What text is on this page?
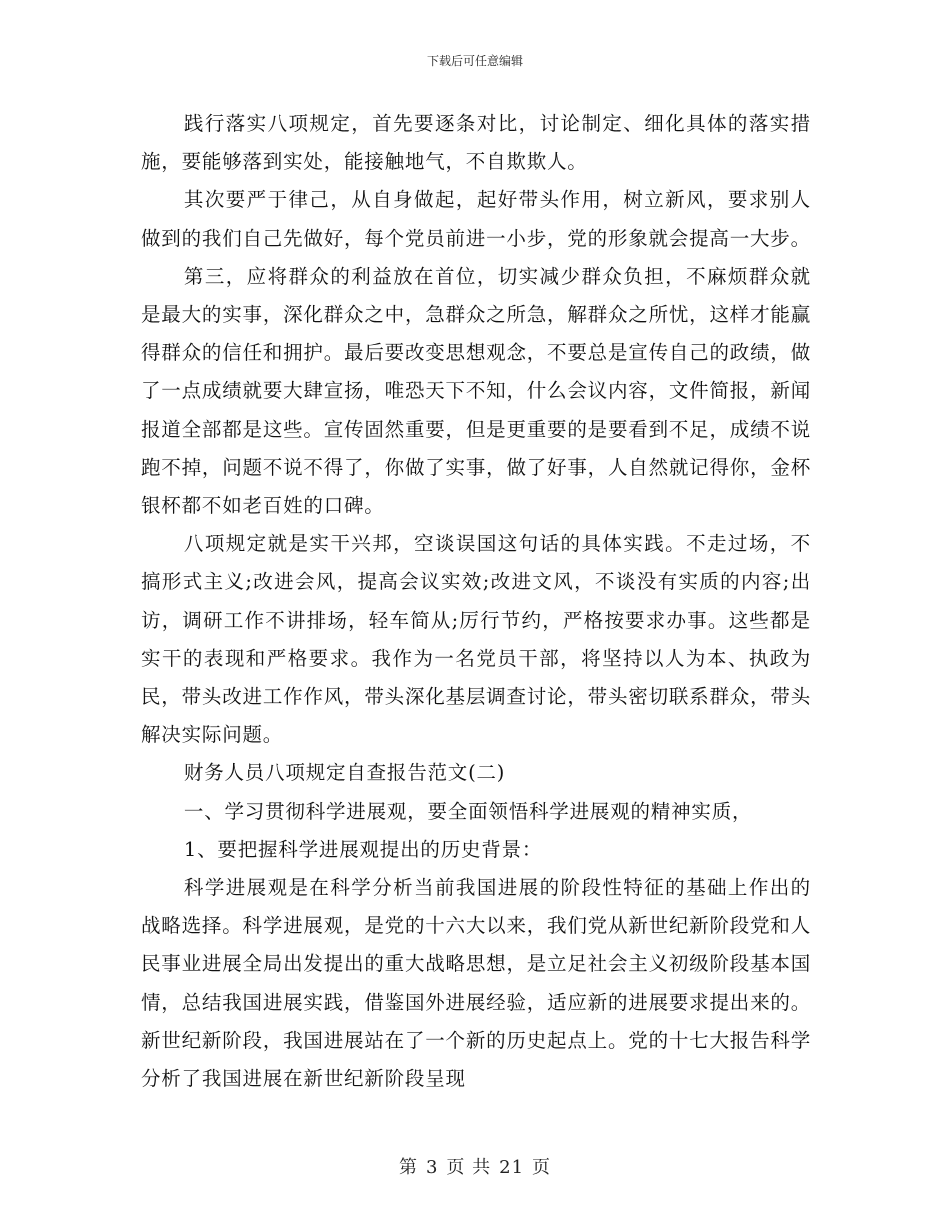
下载后可任意编辑

践行落实八项规定，首先要逐条对比，讨论制定、细化具体的落实措施，要能够落到实处，能接触地气，不自欺欺人。

其次要严于律己，从自身做起，起好带头作用，树立新风，要求别人做到的我们自己先做好，每个党员前进一小步，党的形象就会提高一大步。

第三，应将群众的利益放在首位，切实减少群众负担，不麻烦群众就是最大的实事，深化群众之中，急群众之所急，解群众之所忧，这样才能赢得群众的信任和拥护。最后要改变思想观念，不要总是宣传自己的政绩，做了一点成绩就要大肆宣扬，唯恐天下不知，什么会议内容，文件简报，新闻报道全部都是这些。宣传固然重要，但是更重要的是要看到不足，成绩不说跑不掉，问题不说不得了，你做了实事，做了好事，人自然就记得你，金杯银杯都不如老百姓的口碑。

八项规定就是实干兴邦，空谈误国这句话的具体实践。不走过场，不搞形式主义;改进会风，提高会议实效;改进文风，不谈没有实质的内容;出访，调研工作不讲排场，轻车简从;厉行节约，严格按要求办事。这些都是实干的表现和严格要求。我作为一名党员干部，将坚持以人为本、执政为民，带头改进工作作风，带头深化基层调查讨论，带头密切联系群众，带头解决实际问题。

财务人员八项规定自查报告范文(二)

一、学习贯彻科学进展观，要全面领悟科学进展观的精神实质，

1、要把握科学进展观提出的历史背景：

科学进展观是在科学分析当前我国进展的阶段性特征的基础上作出的战略选择。科学进展观，是党的十六大以来，我们党从新世纪新阶段党和人民事业进展全局出发提出的重大战略思想，是立足社会主义初级阶段基本国情，总结我国进展实践，借鉴国外进展经验，适应新的进展要求提出来的。新世纪新阶段，我国进展站在了一个新的历史起点上。党的十七大报告科学分析了我国进展在新世纪新阶段呈现

第 3 页 共 21 页
